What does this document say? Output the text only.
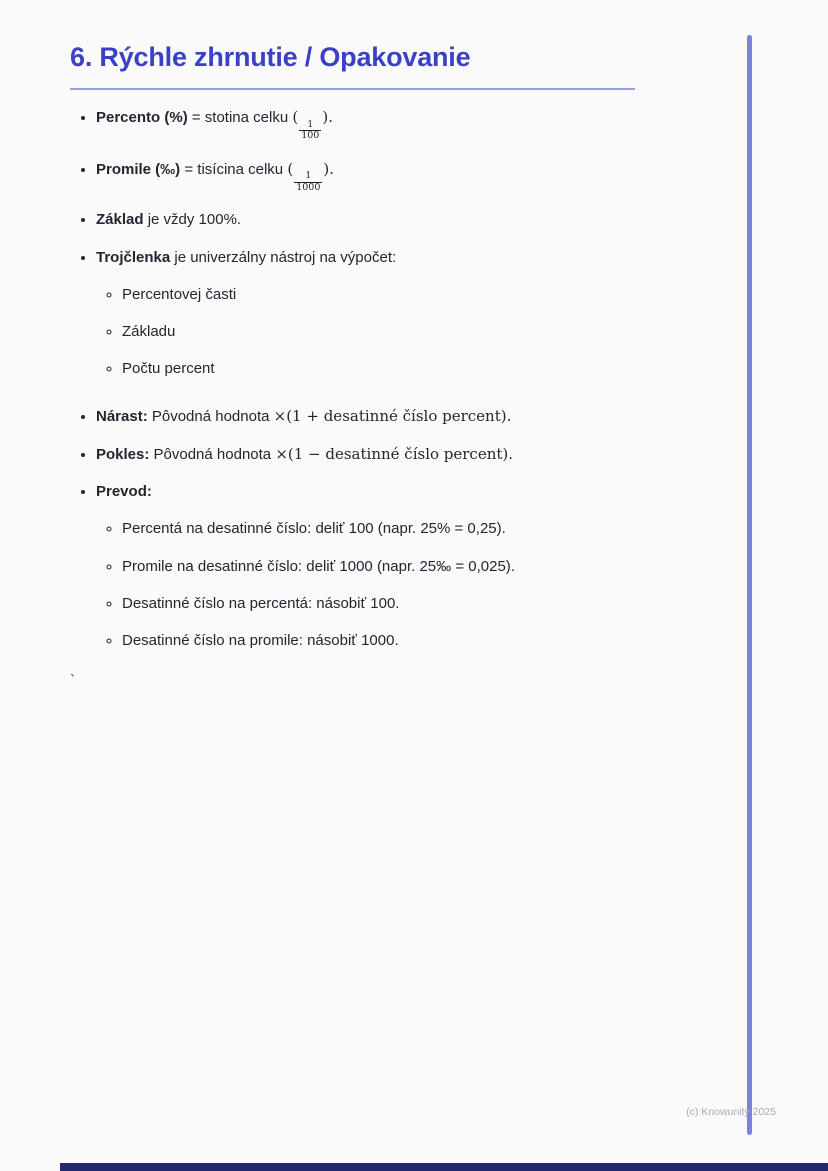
6. Rýchle zhrnutie / Opakovanie
• Percento (%) = stotina celku (
$\frac{1}{100}$
).
• Promile (‰) = tisícina celku (
$\frac{1}{1000}$
).
• Základ je vždy 100%.
• Trojčlenka je univerzálny nástroj na výpočet:
◦ Percentovej časti
◦ Základu
◦ Počtu percent
• Nárast: Pôvodná hodnota ×(1 + desatinné číslo percent).
• Pokles: Pôvodná hodnota ×(1 − desatinné číslo percent).
• Prevod:
◦ Percentá na desatinné číslo: deliť 100 (napr. 25% = 0,25).
◦ Promile na desatinné číslo: deliť 1000 (napr. 25‰ = 0,025).
◦ Desatinné číslo na percentá: násobiť 100.
◦ Desatinné číslo na promile: násobiť 1000.
`
(c) Knowunity 2025
